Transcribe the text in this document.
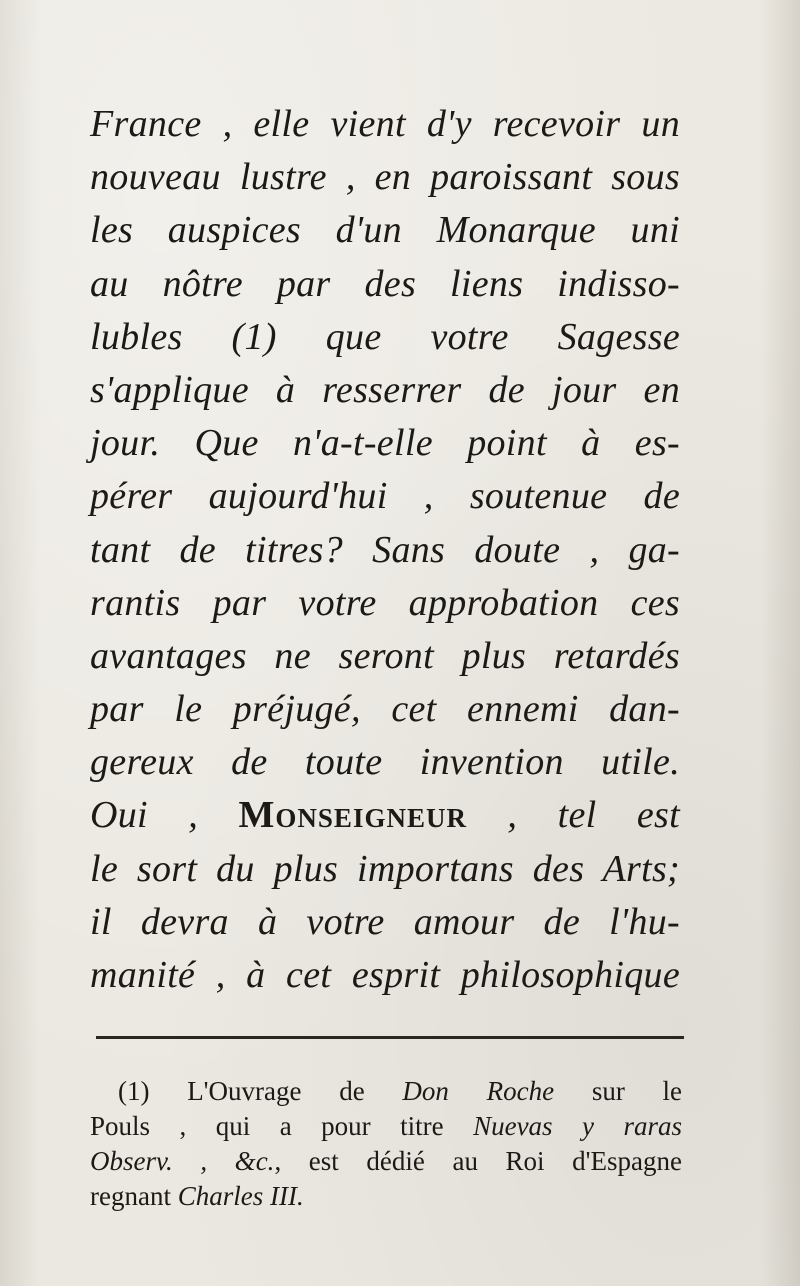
France , elle vient d'y recevoir un
nouveau lustre , en paroissant sous
les auspices d'un Monarque uni
au nôtre par des liens indisso-
lubles (1) que votre Sagesse
s'applique à resserrer de jour en
jour. Que n'a-t-elle point à es-
pérer aujourd'hui , soutenue de
tant de titres? Sans doute , ga-
rantis par votre approbation ces
avantages ne seront plus retardés
par le préjugé, cet ennemi dan-
gereux de toute invention utile.
Oui , Monseigneur , tel est
le sort du plus importans des Arts;
il devra à votre amour de l'hu-
manité , à cet esprit philosophique
(1) L'Ouvrage de Don Roche sur le
Pouls , qui a pour titre Nuevas y raras
Observ. , &c., est dédié au Roi d'Espagne
regnant Charles III.
